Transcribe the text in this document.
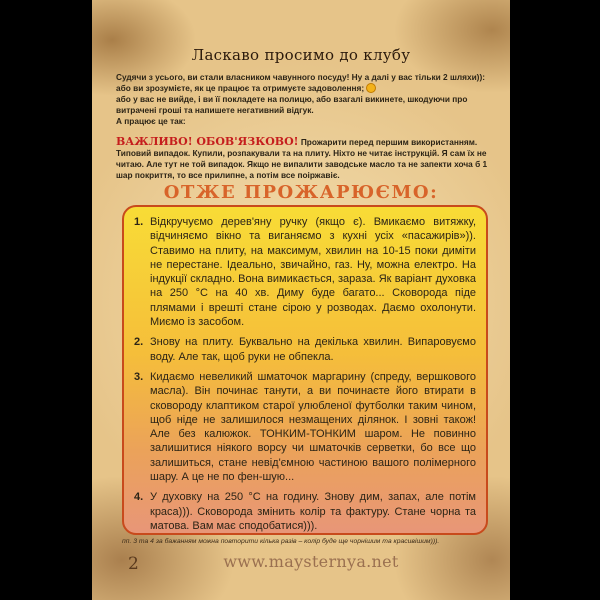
Ласкаво просимо до клубу

Судячи з усього, ви стали власником чавунного посуду! Ну а далі у вас тільки 2 шляхи)):

або ви зрозумієте, як це працює та отримуєте задоволення;

або у вас не вийде, і ви її покладете на полицю, або взагалі викинете, шкодуючи про витрачені гроші та напишете негативний відгук.

А працює це так:

ВАЖЛИВО! ОБОВ'ЯЗКОВО! Прожарити перед першим використанням. Типовий випадок. Купили, розпакували та на плиту. Ніхто не читає інструкцій. Я сам їх не читаю. Але тут не той випадок. Якщо не випалити заводське масло та не запекти хоча б 1 шар покриття, то все прилипне, а потім все поіржавіє.
ОТЖЕ ПРОЖАРЮЄМО:
1. Відкручуємо дерев'яну ручку (якщо є). Вмикаємо витяжку, відчиняємо вікно та виганяємо з кухні усіх «пасажирів»)). Ставимо на плиту, на максимум, хвилин на 10-15 поки диміти не перестане. Ідеально, звичайно, газ. Ну, можна електро. На індукції складно. Вона вимикається, зараза. Як варіант духовка на 250 °С на 40 хв. Диму буде багато... Сковорода піде плямами і врешті стане сірою у розводах. Даємо охолонути. Миємо із засобом.
2. Знову на плиту. Буквально на декілька хвилин. Випаровуємо воду. Але так, щоб руки не обпекла.
3. Кидаємо невеликий шматочок маргарину (спреду, вершкового масла). Він починає танути, а ви починаєте його втирати в сковороду клаптиком старої улюбленої футболки таким чином, щоб ніде не залишилося незмащених ділянок. І зовні також! Але без калюжок. ТОНКИМ-ТОНКИМ шаром. Не повинно залишитися ніякого ворсу чи шматочків серветки, бо все що залишиться, стане невід'ємною частиною вашого полімерного шару. А це не по фен-шую...
4. У духовку на 250 °С на годину. Знову дим, запах, але потім краса))). Сковорода змінить колір та фактуру. Стане чорна та матова. Вам має сподобатися))).
пп. 3 та 4 за бажанням можна повторити кілька разів – колір буде ще чорнішим та красивішим))).
2	www.maysternya.net
